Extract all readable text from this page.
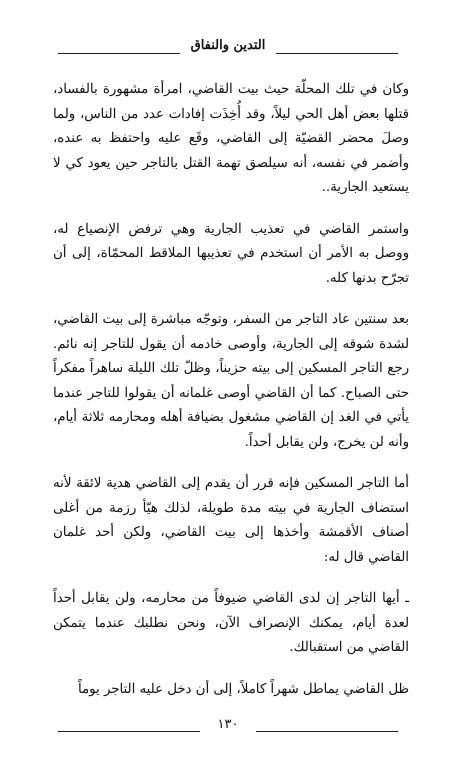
التدين والنفاق

وكان في تلك المحلّة حيث بيت القاضي، امرأة مشهورة بالفساد، قتلها بعض أهل الحي ليلاً، وقد أُخِذَت إفادات عدد من الناس، ولما وصلَ محضر القضيّة إلى القاضي، وقَع عليه واحتفظ به عنده، وأضمر في نفسه، أنه سيلصق تهمة القتل بالتاجر حين يعود كي لا يستعيد الجارية..

واستمر القاضي في تعذيب الجارية وهي ترفض الإنصياع له، ووصل به الأمر أن استخدم في تعذيبها الملاقط المحمّاة، إلى أن تجرّح بدنها كله.

بعد سنتين عاد التاجر من السفر، وتوجّه مباشرة إلى بيت القاضي، لشدة شوقه إلى الجارية، وأوصى خادمه أن يقول للتاجر إنه نائم. رجع التاجر المسكين إلى بيته حزيناً، وظلّ تلك الليلة ساهراً مفكراً حتى الصباح. كما أن القاضي أوصى غلمانه أن يقولوا للتاجر عندما يأتي في الغد إن القاضي مشغول بضيافة أهله ومحارمه ثلاثة أيام، وأنه لن يخرج، ولن يقابل أحداً.

أما التاجر المسكين فإنه قرر أن يقدم إلى القاضي هدية لائقة لأنه استضاف الجارية في بيته مدة طويلة، لذلك هيّأ رزمة من أغلى أصناف الأقمشة وأخذها إلى بيت القاضي، ولكن أحد غلمان القاضي قال له:

ـ أيها التاجر إن لدى القاضي ضيوفاً من محارمه، ولن يقابل أحداً لعدة أيام، يمكنك الإنصراف الآن، ونحن نطلبك عندما يتمكن القاضي من استقبالك.

ظل القاضي يماطل شهراً كاملاً، إلى أن دخل عليه التاجر يوماً

١٣٠
